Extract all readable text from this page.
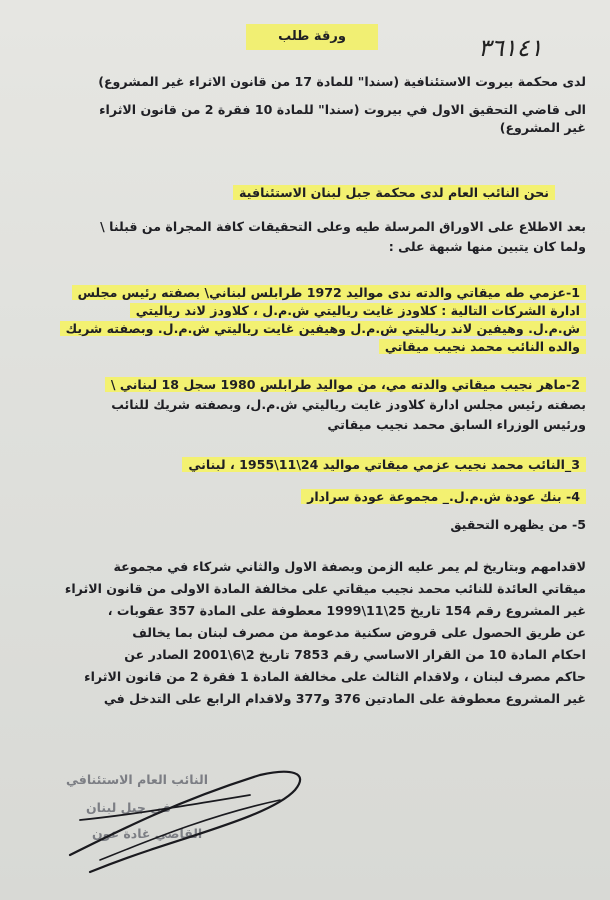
ورقة طلب	٣٦١٤١
لدى محكمة بيروت الاستئنافية (سندا" للمادة 17 من قانون الاثراء غير المشروع)
الى قاضي التحقيق الاول في بيروت (سندا" للمادة 10 فقرة 2 من قانون الاثراء
غير المشروع)
نحن النائب العام لدى محكمة جبل لبنان الاستئنافية
بعد الاطلاع على الاوراق المرسلة طيه وعلى التحقيقات كافة المجراة من قبلنا \
ولما كان يتبين منها شبهة على :
1-عزمي طه ميقاتي والدته ندى مواليد 1972 طرابلس لبناني\ بصفته رئيس مجلس
ادارة الشركات التالية : كلاودز غايت رياليتي ش.م.ل ، كلاودز لاند رياليتي
ش.م.ل. وهيفين لاند رياليتي ش.م.ل وهيفين غايت رياليتي ش.م.ل. وبصفته شريك
والده النائب محمد نجيب ميقاتي
2-ماهر نجيب ميقاتي والدته مي، من مواليد طرابلس 1980 سجل 18 لبناني \
بصفته رئيس مجلس ادارة كلاودز غايت رياليتي ش.م.ل، وبصفته شريك للنائب
ورئيس الوزراء السابق محمد نجيب ميقاتي
3_النائب محمد نجيب عزمي ميقاتي مواليد 24\11\1955 ، لبناني
4- بنك عودة ش.م.ل._ مجموعة عودة سرادار
5- من يظهره التحقيق
لاقدامهم وبتاريخ لم يمر عليه الزمن وبصفة الاول والثاني شركاء في مجموعة
ميقاتي العائدة للنائب محمد نجيب ميقاتي على مخالفة المادة الاولى من قانون الاثراء
غير المشروع رقم 154 تاريخ 25\11\1999 معطوفة على المادة 357 عقوبات ،
عن طريق الحصول على قروض سكنية مدعومة من مصرف لبنان بما يخالف
احكام المادة 10 من القرار الاساسي رقم 7853 تاريخ 2\6\2001 الصادر عن
حاكم مصرف لبنان ، ولاقدام الثالث على مخالفة المادة 1 فقرة 2 من قانون الاثراء
غير المشروع معطوفة على المادتين 376 و377 ولاقدام الرابع على التدخل في
النائب العام الاستئنافي
في جبل لبنان
القاضي غادة عون
